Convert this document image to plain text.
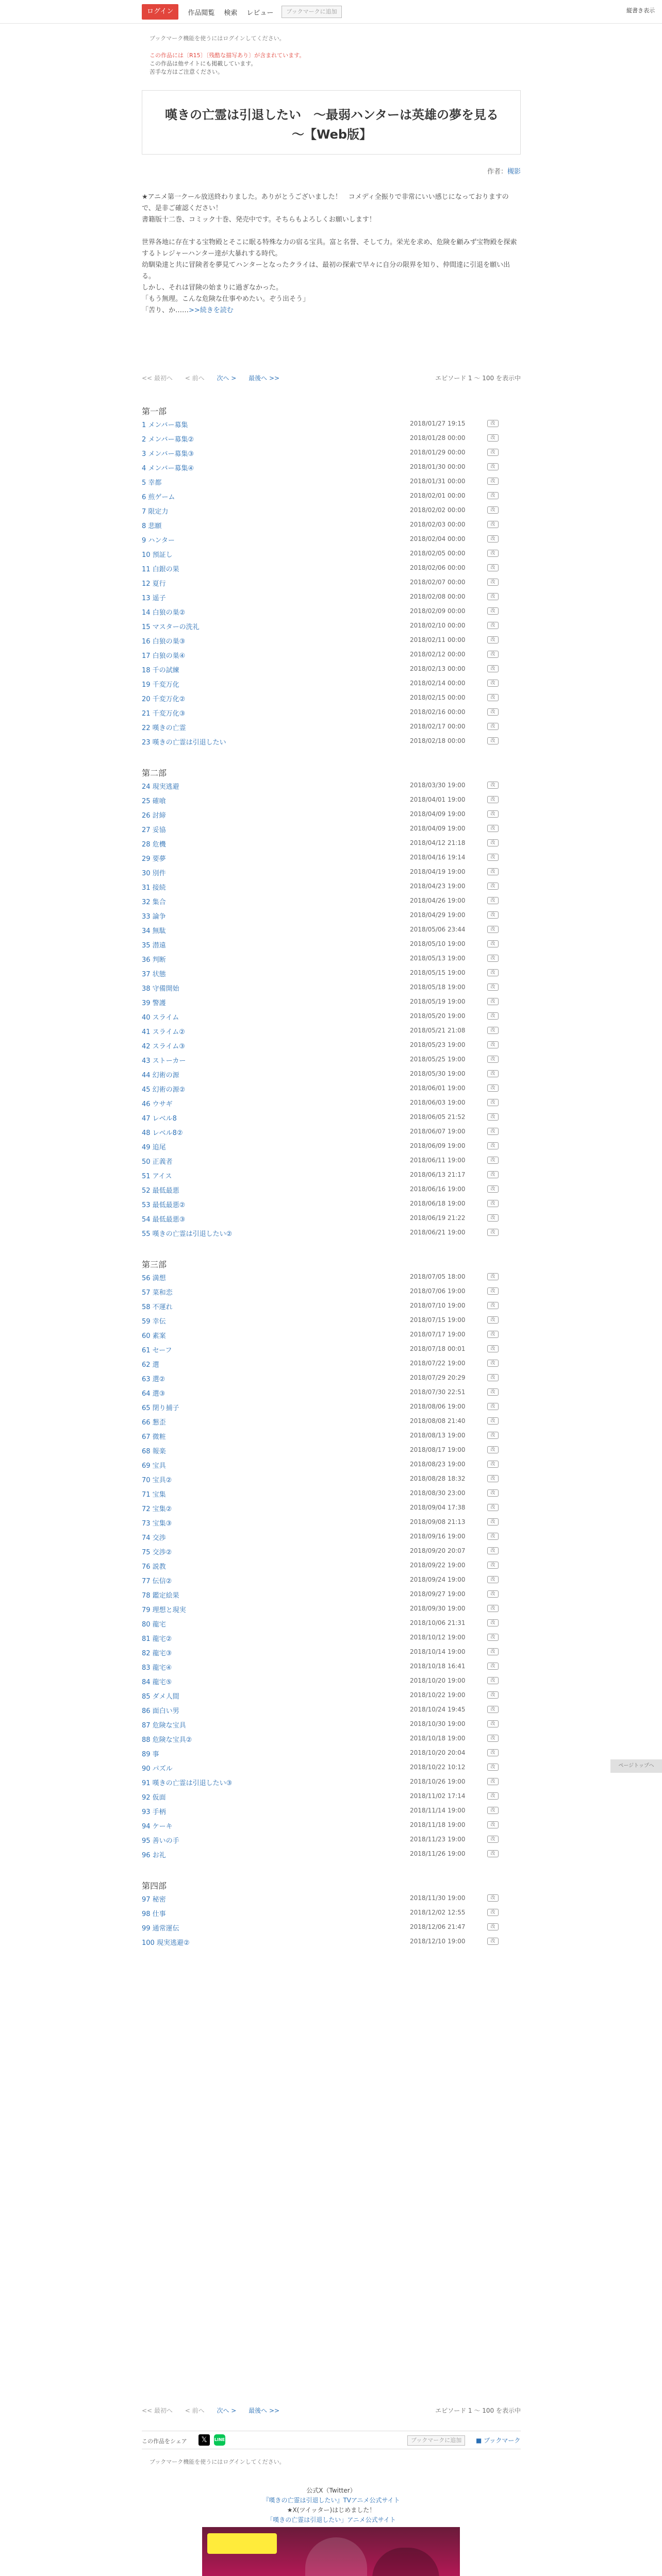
ログイン	作品閲覧 検索 レビュー	ブックマークに追加	縦書き表示
ブックマーク機能を使うにはログインしてください。
この作品には〔R15〕〔残酷な描写あり〕が含まれています。
この作品は他サイトにも掲載しています。
苦手な方はご注意ください。
嘆きの亡霊は引退したい　～最弱ハンターは英雄の夢を見る～【Web版】
作者：槻影

★アニメ第一クール放送終わりました。ありがとうございました！　コメディ全振りで非常にいい感じになっておりますので、是非ご確認ください！
書籍版十二巻、コミック十巻、発売中です。そちらもよろしくお願いします！

世界各地に存在する宝物殿とそこに眠る特殊な力の宿る宝具。富と名誉、そして力。栄光を求め、危険を顧みず宝物殿を探索するトレジャーハンター達が大暴れする時代。
幼馴染達と共に冒険者を夢見てハンターとなったクライは、最初の探索で早々に自分の限界を知り、仲間達に引退を願い出る。
しかし、それは冒険の始まりに過ぎなかった。
「もう無理。こんな危険な仕事やめたい。ぞう出そう」
「苦り、か……>>続きを読む

<< 最初へ < 前へ 次へ > 最後へ >>	エピソード 1 ～ 100 を表示中
第一部
1 メンバー募集	2018/01/27 19:15	改
2 メンバー募集②	2018/01/28 00:00	改
3 メンバー募集③	2018/01/29 00:00	改
4 メンバー募集④	2018/01/30 00:00	改
5 幸都	2018/01/31 00:00	改
6 煎ゲーム	2018/02/01 00:00	改
7 限定力	2018/02/02 00:00	改
8 悲願	2018/02/03 00:00	改
9 ハンター	2018/02/04 00:00	改
10 預証し	2018/02/05 00:00	改
11 白銀の果	2018/02/06 00:00	改
12 夏行	2018/02/07 00:00	改
13 遥子	2018/02/08 00:00	改
14 白狼の巣②	2018/02/09 00:00	改
15 マスターの洗礼	2018/02/10 00:00	改
16 白狼の巣③	2018/02/11 00:00	改
17 白狼の巣④	2018/02/12 00:00	改
18 千の試練	2018/02/13 00:00	改
19 千変万化	2018/02/14 00:00	改
20 千変万化②	2018/02/15 00:00	改
21 千変万化③	2018/02/16 00:00	改
22 嘆きの亡霊	2018/02/17 00:00	改
23 嘆きの亡霊は引退したい	2018/02/18 00:00	改
第二部
24 現実逃避	2018/03/30 19:00	改
25 確喰	2018/04/01 19:00	改
26 討締	2018/04/09 19:00	改
27 妥協	2018/04/09 19:00	改
28 危機	2018/04/12 21:18	改
29 要夢	2018/04/16 19:14	改
30 別件	2018/04/19 19:00	改
31 接続	2018/04/23 19:00	改
32 集合	2018/04/26 19:00	改
33 論争	2018/04/29 19:00	改
34 無駄	2018/05/06 23:44	改
35 潜遠	2018/05/10 19:00	改
36 判断	2018/05/13 19:00	改
37 状態	2018/05/15 19:00	改
38 守備開始	2018/05/18 19:00	改
39 警護	2018/05/19 19:00	改
40 スライム	2018/05/20 19:00	改
41 スライム②	2018/05/21 21:08	改
42 スライム③	2018/05/23 19:00	改
43 ストーカー	2018/05/25 19:00	改
44 幻術の源	2018/05/30 19:00	改
45 幻術の源②	2018/06/01 19:00	改
46 ウサギ	2018/06/03 19:00	改
47 レベル8	2018/06/05 21:52	改
48 レベル8②	2018/06/07 19:00	改
49 追尾	2018/06/09 19:00	改
50 正義者	2018/06/11 19:00	改
51 アイス	2018/06/13 21:17	改
52 最低最悪	2018/06/16 19:00	改
53 最低最悪②	2018/06/18 19:00	改
54 最低最悪③	2018/06/19 21:22	改
55 嘆きの亡霊は引退したい②	2018/06/21 19:00	改
第三部
56 満想	2018/07/05 18:00	改
57 菜和恋	2018/07/06 19:00	改
58 不運れ	2018/07/10 19:00	改
59 幸伝	2018/07/15 19:00	改
60 素案	2018/07/17 19:00	改
61 セーフ	2018/07/18 00:01	改
62 選	2018/07/22 19:00	改
63 選②	2018/07/29 20:29	改
64 選③	2018/07/30 22:51	改
65 閉り捕子	2018/08/06 19:00	改
66 懇歪	2018/08/08 21:40	改
67 微粧	2018/08/13 19:00	改
68 報楽	2018/08/17 19:00	改
69 宝具	2018/08/23 19:00	改
70 宝具②	2018/08/28 18:32	改
71 宝集	2018/08/30 23:00	改
72 宝集②	2018/09/04 17:38	改
73 宝集③	2018/09/08 21:13	改
74 交渉	2018/09/16 19:00	改
75 交渉②	2018/09/20 20:07	改
76 説教	2018/09/22 19:00	改
77 伝信②	2018/09/24 19:00	改
78 鑑定絵果	2018/09/27 19:00	改
79 理想と現実	2018/09/30 19:00	改
80 龍宅	2018/10/06 21:31	改
81 龍宅②	2018/10/12 19:00	改
82 龍宅③	2018/10/14 19:00	改
83 龍宅④	2018/10/18 16:41	改
84 龍宅⑤	2018/10/20 19:00	改
85 ダメ人間	2018/10/22 19:00	改
86 面白い男	2018/10/24 19:45	改
87 危険な宝具	2018/10/30 19:00	改
88 危険な宝具②	2018/10/18 19:00	改
89 事	2018/10/20 20:04	改
90 パズル	2018/10/22 10:12	改
91 嘆きの亡霊は引退したい③	2018/10/26 19:00	改
92 仮面	2018/11/02 17:14	改
93 手柄	2018/11/14 19:00	改
94 ケーキ	2018/11/18 19:00	改
95 善いの手	2018/11/23 19:00	改
96 お礼	2018/11/26 19:00	改
第四部
97 秘密	2018/11/30 19:00	改
98 仕事	2018/12/02 12:55	改
99 通常運伝	2018/12/06 21:47	改
100 現実逃避②	2018/12/10 19:00	改
<< 最初へ < 前へ 次へ > 最後へ >>	エピソード 1 ～ 100 を表示中
この作品をシェア	𝕏	LINE	ブックマークに追加	■ ブックマーク
ブックマーク機能を使うにはログインしてください。
公式X（Twitter）
『嘆きの亡霊は引退したい』TVアニメ公式サイト
★X(ツイッター)はじめました！
「嘆きの亡霊は引退したい」アニメ公式サイト
ページトップへ
